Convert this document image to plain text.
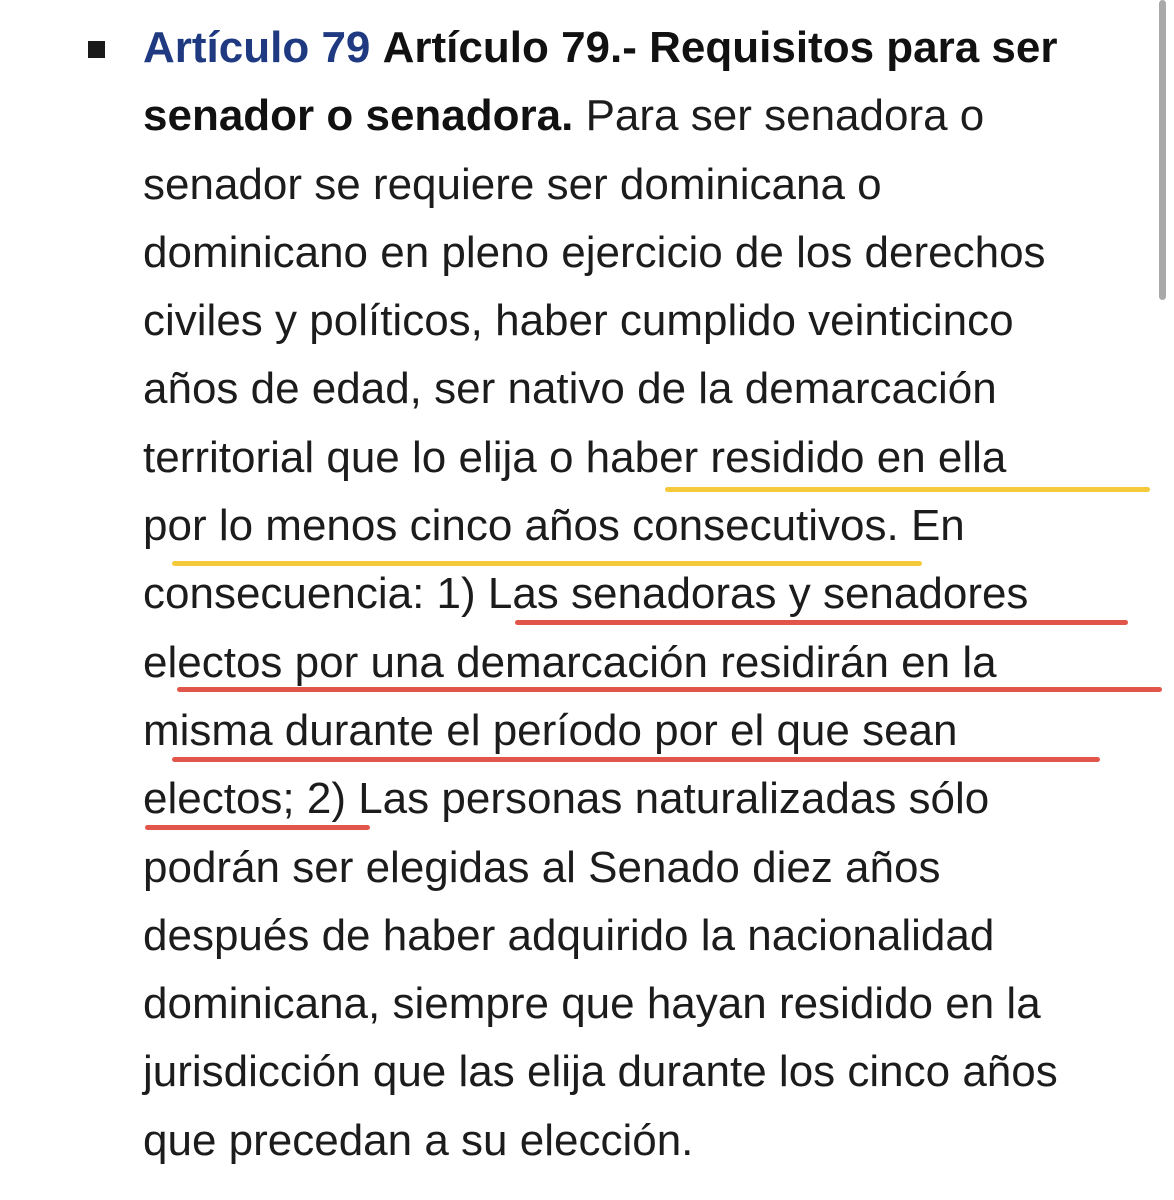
Artículo 79 Artículo 79.- Requisitos para ser
senador o senadora. Para ser senadora o
senador se requiere ser dominicana o
dominicano en pleno ejercicio de los derechos
civiles y políticos, haber cumplido veinticinco
años de edad, ser nativo de la demarcación
territorial que lo elija o haber residido en ella
por lo menos cinco años consecutivos. En
consecuencia: 1) Las senadoras y senadores
electos por una demarcación residirán en la
misma durante el período por el que sean
electos; 2) Las personas naturalizadas sólo
podrán ser elegidas al Senado diez años
después de haber adquirido la nacionalidad
dominicana, siempre que hayan residido en la
jurisdicción que las elija durante los cinco años
que precedan a su elección.
